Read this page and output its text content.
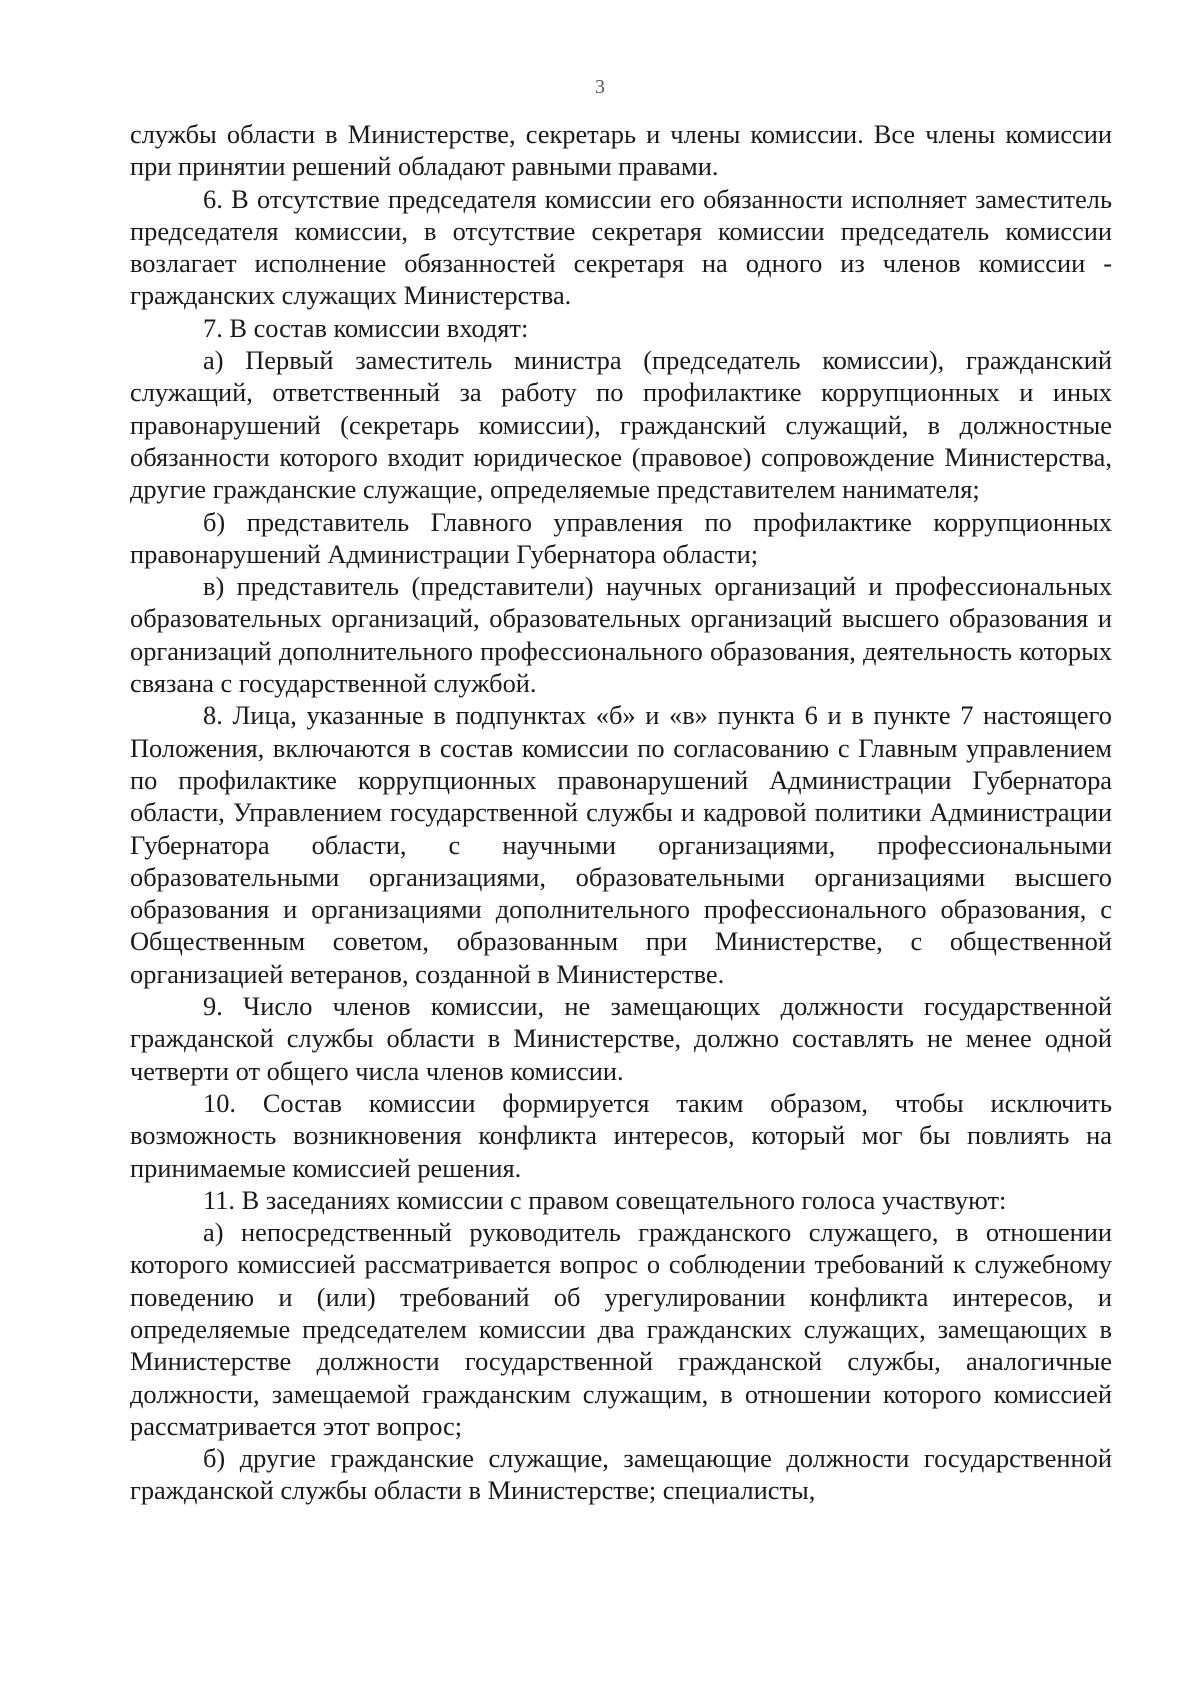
3

службы области в Министерстве, секретарь и члены комиссии. Все члены комиссии при принятии решений обладают равными правами.

6. В отсутствие председателя комиссии его обязанности исполняет заместитель председателя комиссии, в отсутствие секретаря комиссии председатель комиссии возлагает исполнение обязанностей секретаря на одного из членов комиссии - гражданских служащих Министерства.

7. В состав комиссии входят:

а) Первый заместитель министра (председатель комиссии), гражданский служащий, ответственный за работу по профилактике коррупционных и иных правонарушений (секретарь комиссии), гражданский служащий, в должностные обязанности которого входит юридическое (правовое) сопровождение Министерства, другие гражданские служащие, определяемые представителем нанимателя;

б) представитель Главного управления по профилактике коррупционных правонарушений Администрации Губернатора области;

в) представитель (представители) научных организаций и профессиональных образовательных организаций, образовательных организаций высшего образования и организаций дополнительного профессионального образования, деятельность которых связана с государственной службой.

8. Лица, указанные в подпунктах «б» и «в» пункта 6 и в пункте 7 настоящего Положения, включаются в состав комиссии по согласованию с Главным управлением по профилактике коррупционных правонарушений Администрации Губернатора области, Управлением государственной службы и кадровой политики Администрации Губернатора области, с научными организациями, профессиональными образовательными организациями, образовательными организациями высшего образования и организациями дополнительного профессионального образования, с Общественным советом, образованным при Министерстве, с общественной организацией ветеранов, созданной в Министерстве.

9. Число членов комиссии, не замещающих должности государственной гражданской службы области в Министерстве, должно составлять не менее одной четверти от общего числа членов комиссии.

10. Состав комиссии формируется таким образом, чтобы исключить возможность возникновения конфликта интересов, который мог бы повлиять на принимаемые комиссией решения.

11. В заседаниях комиссии с правом совещательного голоса участвуют:

а) непосредственный руководитель гражданского служащего, в отношении которого комиссией рассматривается вопрос о соблюдении требований к служебному поведению и (или) требований об урегулировании конфликта интересов, и определяемые председателем комиссии два гражданских служащих, замещающих в Министерстве должности государственной гражданской службы, аналогичные должности, замещаемой гражданским служащим, в отношении которого комиссией рассматривается этот вопрос;

б) другие гражданские служащие, замещающие должности государственной гражданской службы области в Министерстве; специалисты,
